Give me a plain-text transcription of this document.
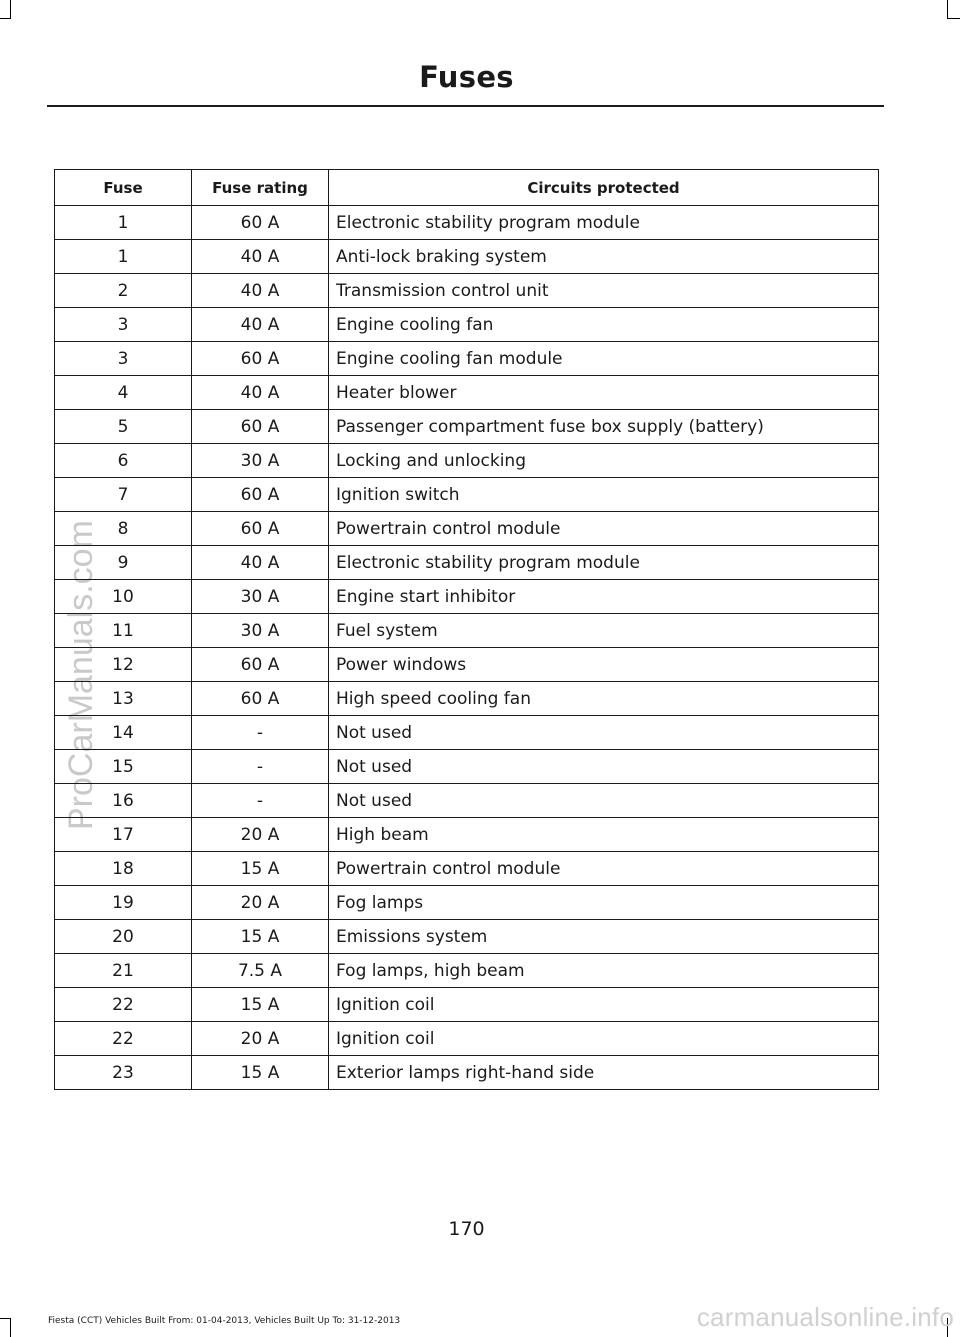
Fuses
ProCarManuals.com
Fuse	Fuse rating	Circuits protected
1	60 A	Electronic stability program module
1	40 A	Anti-lock braking system
2	40 A	Transmission control unit
3	40 A	Engine cooling fan
3	60 A	Engine cooling fan module
4	40 A	Heater blower
5	60 A	Passenger compartment fuse box supply (battery)
6	30 A	Locking and unlocking
7	60 A	Ignition switch
8	60 A	Powertrain control module
9	40 A	Electronic stability program module
10	30 A	Engine start inhibitor
11	30 A	Fuel system
12	60 A	Power windows
13	60 A	High speed cooling fan
14	-	Not used
15	-	Not used
16	-	Not used
17	20 A	High beam
18	15 A	Powertrain control module
19	20 A	Fog lamps
20	15 A	Emissions system
21	7.5 A	Fog lamps, high beam
22	15 A	Ignition coil
22	20 A	Ignition coil
23	15 A	Exterior lamps right-hand side
170
Fiesta (CCT) Vehicles Built From: 01-04-2013, Vehicles Built Up To: 31-12-2013	carmanualsonline.info
